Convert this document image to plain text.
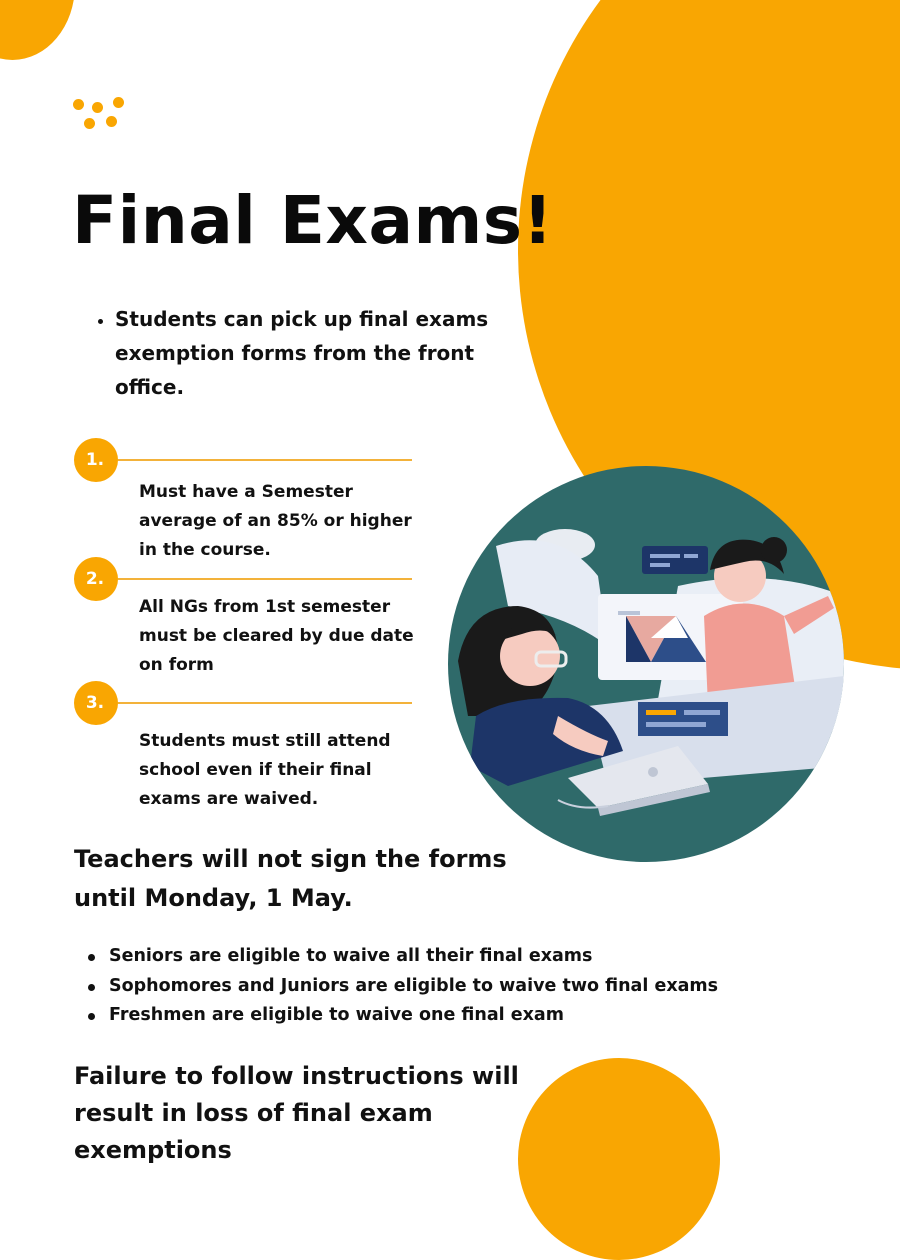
Final Exams!
• Students can pick up final exams exemption forms from the front office.
1.

Must have a Semester average of an 85% or higher in the course.

2.

All NGs from 1st semester must be cleared by due date on form

3.

Students must still attend school even if their final exams are waived.

Teachers will not sign the forms until Monday, 1 May.

Seniors are eligible to waive all their final exams
Sophomores and Juniors are eligible to waive two final exams
Freshmen are eligible to waive one final exam

Failure to follow instructions will result in loss of final exam exemptions
